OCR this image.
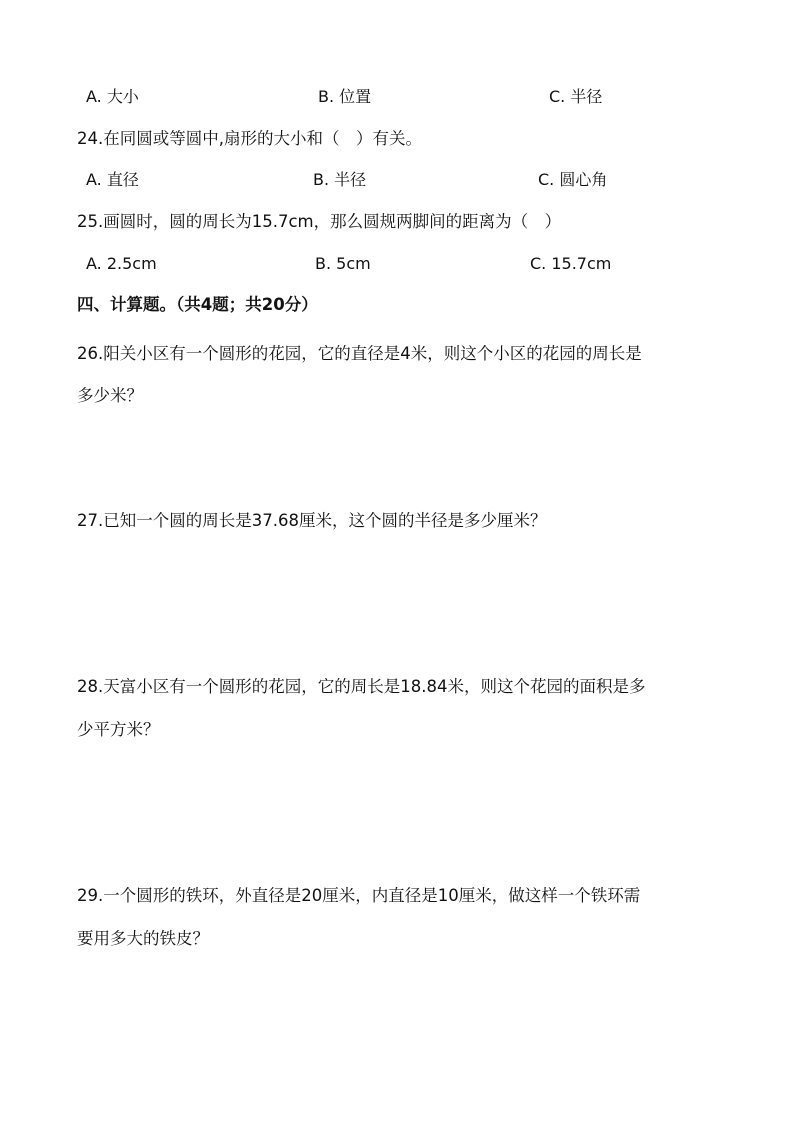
A. 大小	B. 位置	C. 半径
24.在同圆或等圆中,扇形的大小和（　）有关。
A. 直径	B. 半径	C. 圆心角
25.画圆时，圆的周长为15.7cm，那么圆规两脚间的距离为（　）
A. 2.5cm	B. 5cm	C. 15.7cm
四、计算题。（共4题；共20分）
26.阳关小区有一个圆形的花园，它的直径是4米，则这个小区的花园的周长是
多少米？
27.已知一个圆的周长是37.68厘米，这个圆的半径是多少厘米？
28.天富小区有一个圆形的花园，它的周长是18.84米，则这个花园的面积是多
少平方米？
29.一个圆形的铁环，外直径是20厘米，内直径是10厘米，做这样一个铁环需
要用多大的铁皮？
